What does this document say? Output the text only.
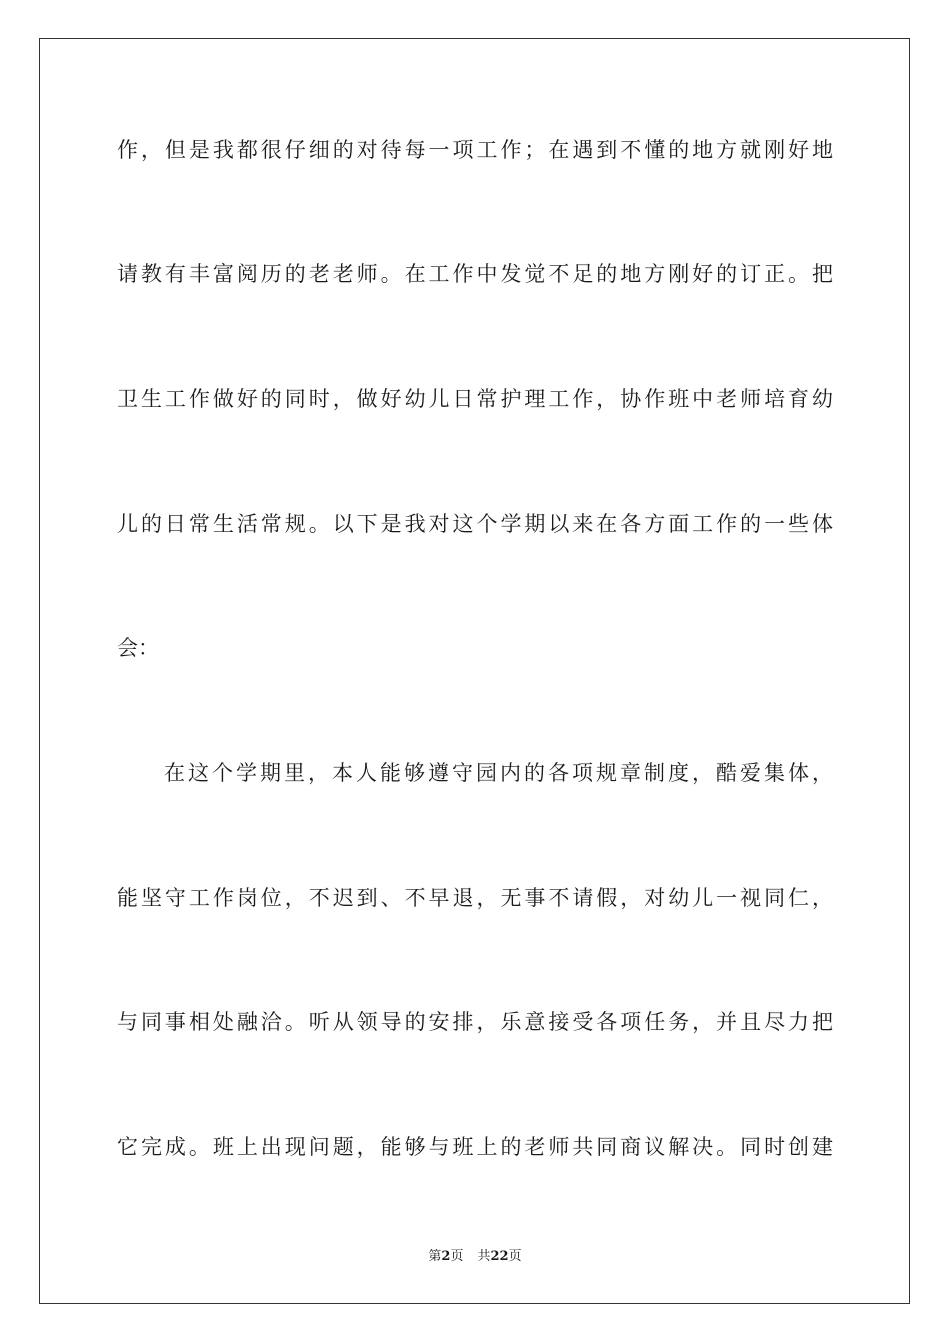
作，但是我都很仔细的对待每一项工作；在遇到不懂的地方就刚好地
请教有丰富阅历的老老师。在工作中发觉不足的地方刚好的订正。把
卫生工作做好的同时，做好幼儿日常护理工作，协作班中老师培育幼
儿的日常生活常规。以下是我对这个学期以来在各方面工作的一些体
会：
在这个学期里，本人能够遵守园内的各项规章制度，酷爱集体，
能坚守工作岗位，不迟到、不早退，无事不请假，对幼儿一视同仁，
与同事相处融洽。听从领导的安排，乐意接受各项任务，并且尽力把
它完成。班上出现问题，能够与班上的老师共同商议解决。同时创建
第2页 共22页
